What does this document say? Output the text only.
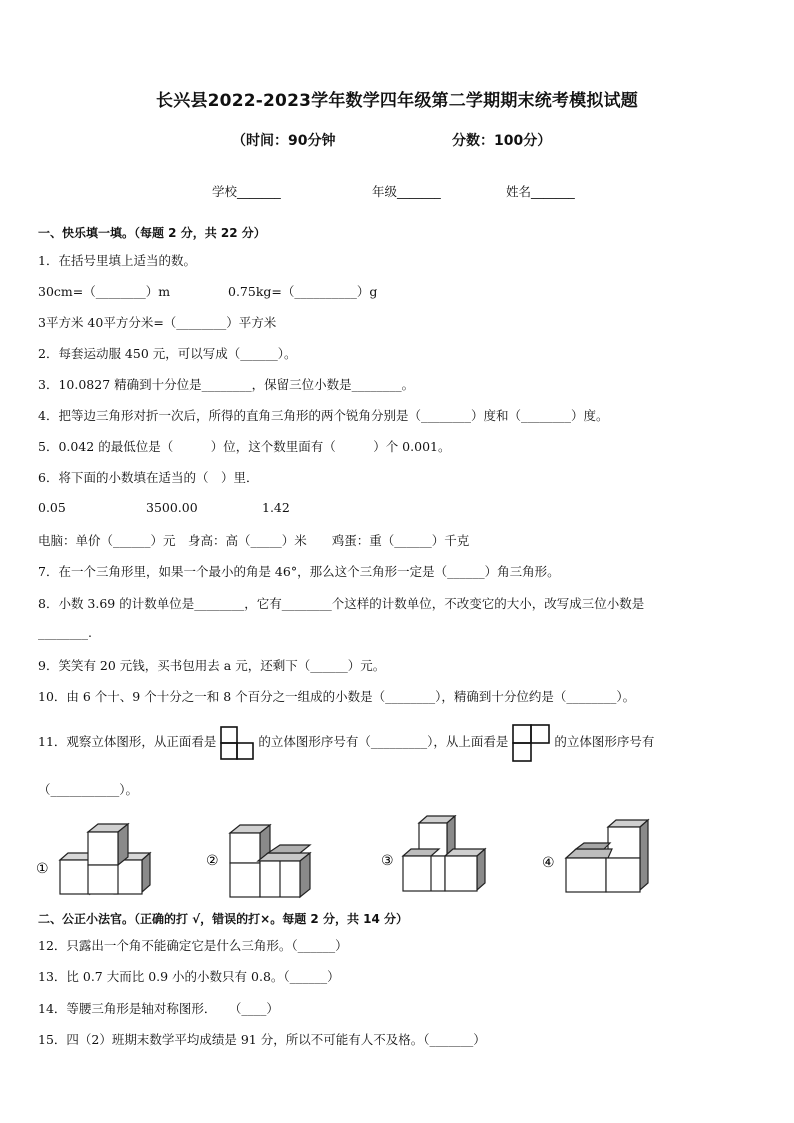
长兴县2022-2023学年数学四年级第二学期期末统考模拟试题
（时间：90分钟	分数：100分）
学校_______	年级_______	姓名_______
一、快乐填一填。（每题 2 分，共 22 分）
1．在括号里填上适当的数。
30cm=（________）m	0.75kg=（__________）g
3平方米 40平方分米=（________）平方米
2．每套运动服 450 元，可以写成（______）。
3．10.0827 精确到十分位是________，保留三位小数是________。
4．把等边三角形对折一次后，所得的直角三角形的两个锐角分别是（________）度和（________）度。
5．0.042 的最低位是（　　　）位，这个数里面有（　　　）个 0.001。
6．将下面的小数填在适当的（　）里．
0.05	3500.00	1.42
电脑：单价（______）元　身高：高（_____）米　　鸡蛋：重（______）千克
7．在一个三角形里，如果一个最小的角是 46°，那么这个三角形一定是（______）角三角形。
8．小数 3.69 的计数单位是________，它有________个这样的计数单位，不改变它的大小，改写成三位小数是
________.
9．笑笑有 20 元钱，买书包用去 a 元，还剩下（______）元。
10．由 6 个十、9 个十分之一和 8 个百分之一组成的小数是（________），精确到十分位约是（________）。
11．观察立体图形，从正面看是	的立体图形序号有（_________），从上面看是	的立体图形序号有
（___________）。
①	②	③	④
二、公正小法官。（正确的打 √，错误的打×。每题 2 分，共 14 分）
12．只露出一个角不能确定它是什么三角形。（______）
13．比 0.7 大而比 0.9 小的小数只有 0.8。（______）
14．等腰三角形是轴对称图形．　　（____）
15．四（2）班期末数学平均成绩是 91 分，所以不可能有人不及格。（_______）
